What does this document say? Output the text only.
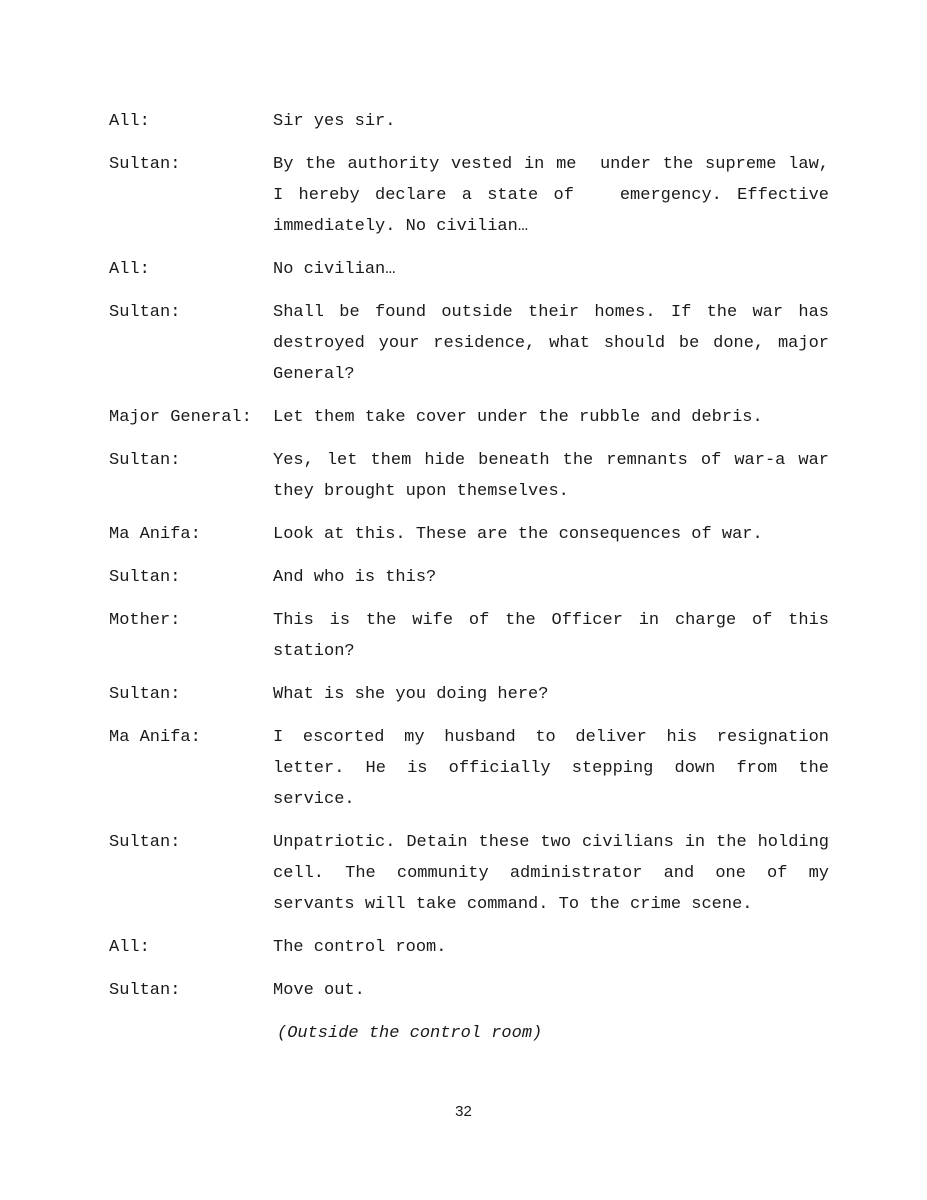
All:	Sir yes sir.
Sultan:	By the authority vested in me  under the supreme law, I hereby declare a state of   emergency. Effective immediately. No civilian…
All:	No civilian…
Sultan:	Shall be found outside their homes. If the war has destroyed your residence, what should be done, major General?
Major General:	Let them take cover under the rubble and debris.
Sultan:	Yes, let them hide beneath the remnants of war-a war they brought upon themselves.
Ma Anifa:	Look at this. These are the consequences of war.
Sultan:	And who is this?
Mother:	This is the wife of the Officer in charge of this station?
Sultan:	What is she you doing here?
Ma Anifa:	I escorted my husband to deliver his resignation letter. He is officially stepping down from the service.
Sultan:	Unpatriotic. Detain these two civilians in the holding cell. The community administrator and one of my servants will take command. To the crime scene.
All:	The control room.
Sultan:	Move out.
(Outside the control room)
32
